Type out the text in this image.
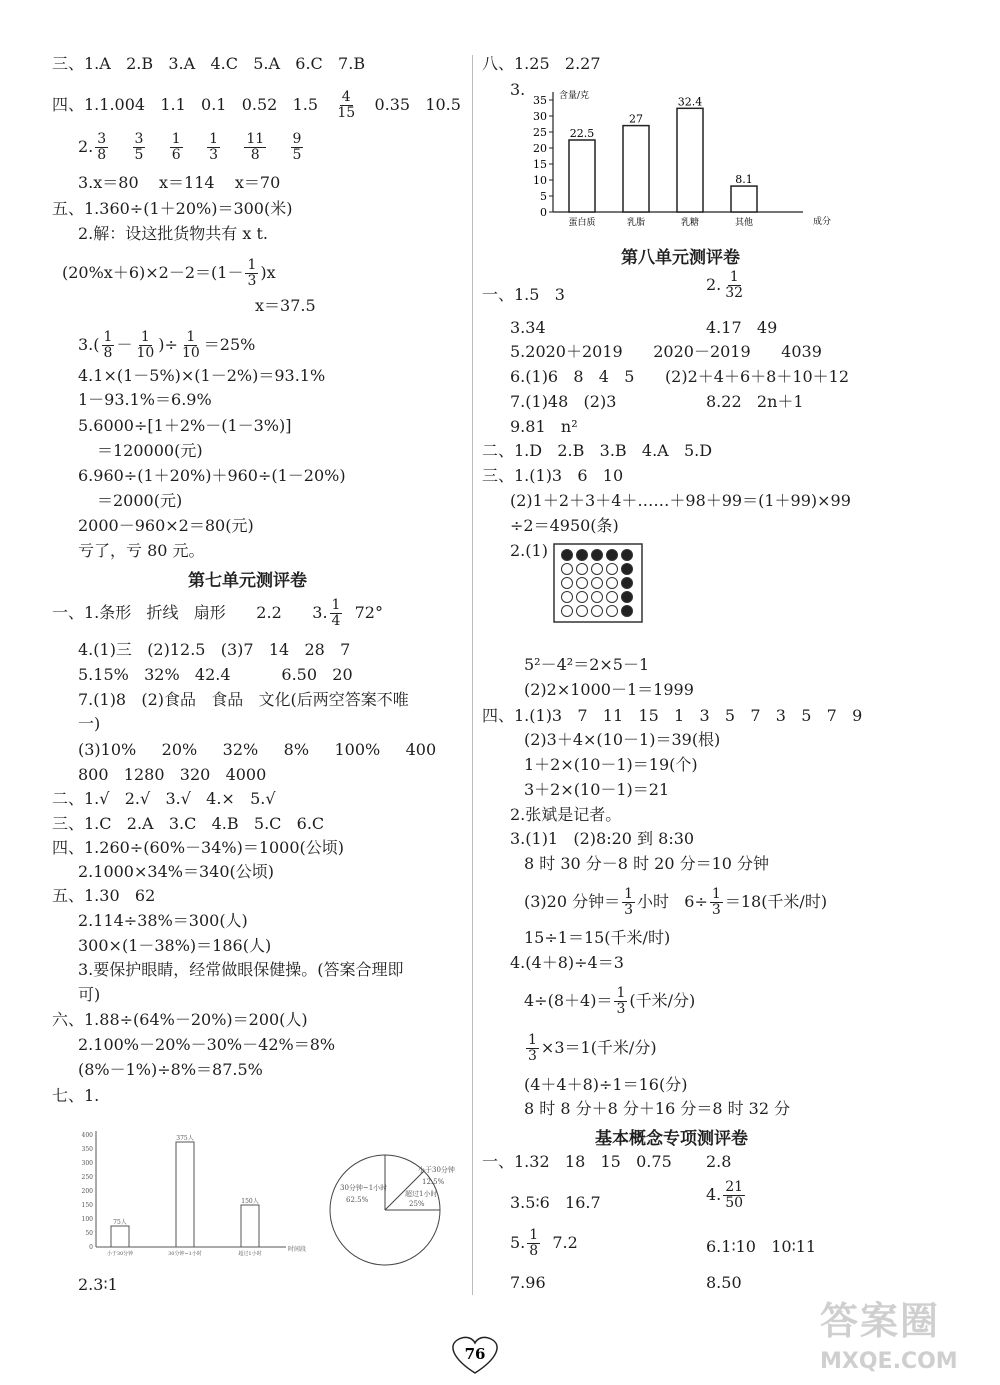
三、1.A   2.B   3.A   4.C   5.A   6.C   7.B
四、1.1.004   1.1   0.1   0.52   $1.5 \frac{4}{15} 0.35$   10.5
2. $\frac{3}{8}$
$\frac{3}{5}$
$\frac{1}{6}$
$\frac{1}{3}$
$\frac{11}{8}$
$\frac{9}{5}$
3.x＝80    x＝114    x＝70
五、1.360÷(1＋20%)＝300(米)
2.解：设这批货物共有 x t.
$(20\%x+6)\times 2-2=(1- \frac{1}{3} )x$
x＝37.5
$3.( \frac{1}{8} - \frac{1}{10}$ )÷ $\frac{1}{10} =25\%$
4.1×(1－5%)×(1－2%)＝93.1%
1－93.1%＝6.9%
5.6000÷[1＋2%－(1－3%)]
＝120000(元)
6.960÷(1＋20%)＋960÷(1－20%)
＝2000(元)
2000－960×2＝80(元)
亏了，亏 80 元。
第七单元测评卷
一、1.条形   折线   扇形      2.2      3. $\frac{1}{4} 72^\circ$
4.(1)三   (2)12.5   (3)7   14   28   7
5.15%   32%   42.4          6.50   20
7.(1)8   (2)食品   食品   文化(后两空答案不唯
一)
(3)10%     20%     32%     8%     100%     400
800   1280   320   4000
二、1.√   2.√   3.√   4.×   5.√
三、1.C   2.A   3.C   4.B   5.C   6.C
四、1.260÷(60%－34%)＝1000(公顷)
2.1000×34%＝340(公顷)
五、1.30   62
2.114÷38%＝300(人)
300×(1－38%)＝186(人)
3.要保护眼睛，经常做眼保健操。(答案合理即
可)
六、1.88÷(64%－20%)＝200(人)
2.100%－20%－30%－42%＝8%
(8%－1%)÷8%＝87.5%
七、1.
时间段
0
50
100
150
200
250
300
350
400
75人
小于30分钟
375人
30分钟~1小时
150人
超过1小时
30分钟~1小时
62.5%
小于30分钟
12.5%
超过1小时
25%
2.3∶1
八、1.25   2.27
3.	含量/克
成分
0
5
10
15
20
25
30
35
22.5
蛋白质
27
乳脂
32.4
乳糖
8.1
其他
第八单元测评卷
一、1.5   3
2. $\frac{1}{32}$
3.34	4.17   49
5.2020＋2019      2020－2019      4039
6.(1)6   8   4   5      (2)2＋4＋6＋8＋10＋12
7.(1)48   (2)3	8.22   2n＋1
9.81   n²
二、1.D   2.B   3.B   4.A   5.D
三、1.(1)3   6   10
(2)1＋2＋3＋4＋……＋98＋99＝(1＋99)×99
÷2＝4950(条)
2.(1)
5²－4²＝2×5－1
(2)2×1000－1＝1999
四、1.(1)3   7   11   15   1   3   5   7   3   5   7   9
(2)3＋4×(10－1)＝39(根)
1＋2×(10－1)＝19(个)
3＋2×(10－1)＝21
2.张斌是记者。
3.(1)1   (2)8:20 到 8:30
8 时 30 分－8 时 20 分＝10 分钟
(3)20 分钟＝ $\frac{1}{3}$ 小时   $6\div \frac{1}{3} =18$(千米/时)
15÷1＝15(千米/时)
4.(4＋8)÷4＝3
$4\div(8+4)= \frac{1}{3}$ (千米/分)
$\frac{1}{3} \times 3=1$(千米/分)
(4＋4＋8)÷1＝16(分)
8 时 8 分＋8 分＋16 分＝8 时 32 分
基本概念专项测评卷
一、1.32   18   15   0.75 2.8
3.5∶6   16.7	4. $\frac{21}{50}$
5. $\frac{1}{8} 7.2$	6.1∶10   10∶11
7.96	8.50
76
答案圈
MXQE.COM
